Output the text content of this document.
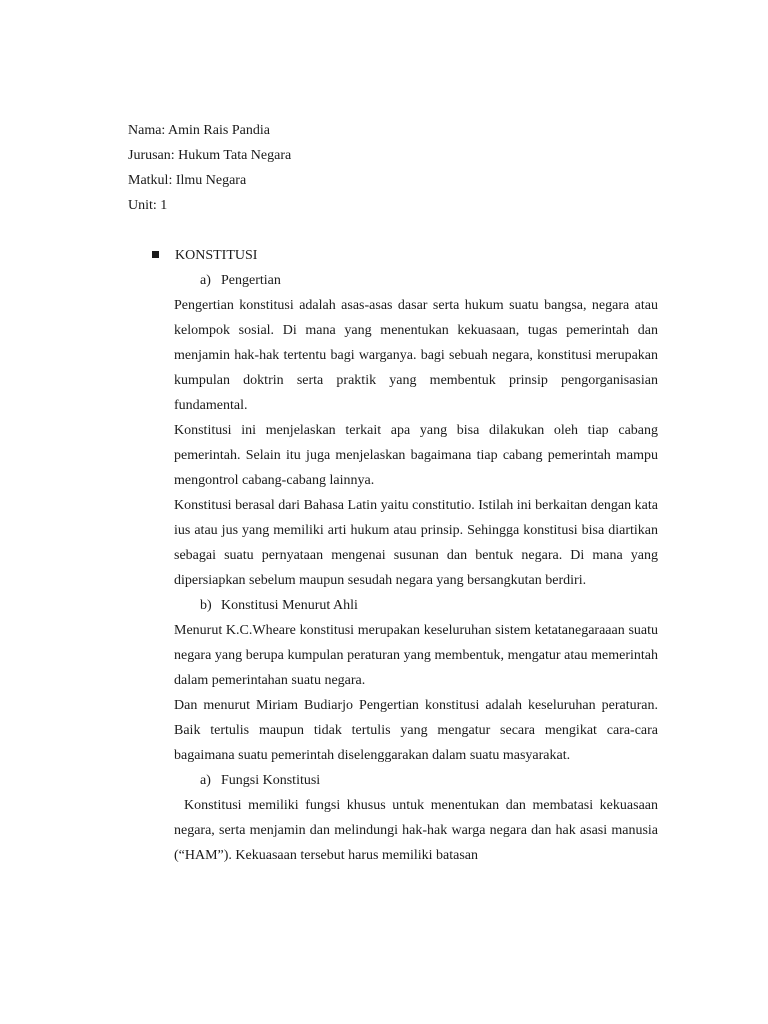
Nama: Amin Rais Pandia
Jurusan: Hukum Tata Negara
Matkul: Ilmu Negara
Unit: 1
KONSTITUSI
a) Pengertian

Pengertian konstitusi adalah asas-asas dasar serta hukum suatu bangsa, negara atau kelompok sosial. Di mana yang menentukan kekuasaan, tugas pemerintah dan menjamin hak-hak tertentu bagi warganya. bagi sebuah negara, konstitusi merupakan kumpulan doktrin serta praktik yang membentuk prinsip pengorganisasian fundamental.

Konstitusi ini menjelaskan terkait apa yang bisa dilakukan oleh tiap cabang pemerintah. Selain itu juga menjelaskan bagaimana tiap cabang pemerintah mampu mengontrol cabang-cabang lainnya.

Konstitusi berasal dari Bahasa Latin yaitu constitutio. Istilah ini berkaitan dengan kata ius atau jus yang memiliki arti hukum atau prinsip. Sehingga konstitusi bisa diartikan sebagai suatu pernyataan mengenai susunan dan bentuk negara. Di mana yang dipersiapkan sebelum maupun sesudah negara yang bersangkutan berdiri.

b) Konstitusi Menurut Ahli

Menurut K.C.Wheare konstitusi merupakan keseluruhan sistem ketatanegaraaan suatu negara yang berupa kumpulan peraturan yang membentuk, mengatur atau memerintah dalam pemerintahan suatu negara.

Dan menurut Miriam Budiarjo Pengertian konstitusi adalah keseluruhan peraturan. Baik tertulis maupun tidak tertulis yang mengatur secara mengikat cara-cara bagaimana suatu pemerintah diselenggarakan dalam suatu masyarakat.

a) Fungsi Konstitusi

Konstitusi memiliki fungsi khusus untuk menentukan dan membatasi kekuasaan negara, serta menjamin dan melindungi hak-hak warga negara dan hak asasi manusia (“HAM”). Kekuasaan tersebut harus memiliki batasan
